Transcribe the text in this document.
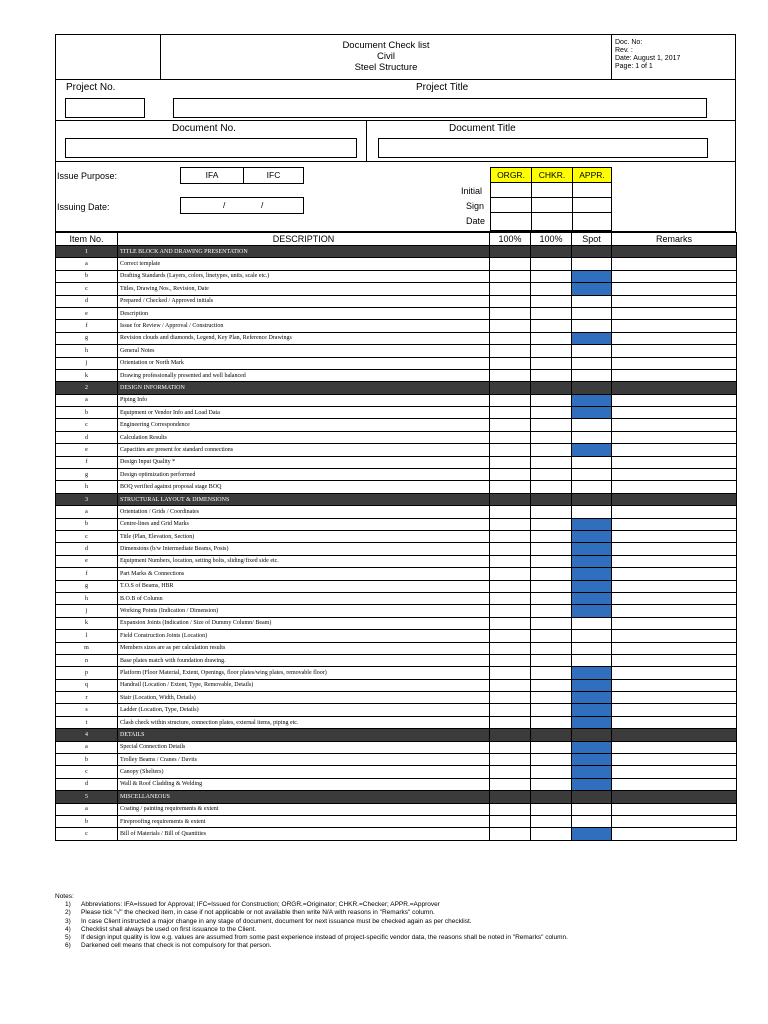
Document Check list
Civil
Steel Structure
Doc. No:
Rev. :
Date: August 1, 2017
Page: 1 of 1
Project No.	Project Title
Document No.	Document Title
Issue Purpose:	IFA	IFC
Issuing Date:	/	/
ORGR.	CHKR.	APPR.
Initial
Sign
Date
Item No.	DESCRIPTION	100%	100%	Spot	Remarks
1	TITLE BLOCK AND DRAWING PRESENTATION				
a	Correct template				
b	Drafting Standards (Layers, colors, linetypes, units, scale etc.)				
c	Titles, Drawing Nos., Revision, Date				
d	Prepared / Checked / Approved initials				
e	Description				
f	Issue for Review / Approval / Construction				
g	Revision clouds and diamonds, Legend, Key Plan, Reference Drawings				
h	General Notes				
j	Orientation or North Mark				
k	Drawing professionally presented and well balanced				
2	DESIGN INFORMATION				
a	Piping Info				
b	Equipment or Vendor Info and Load Data				
c	Engineering Correspondence				
d	Calculation Results				
e	Capacities are present for standard connections				
f	Design Input Quality *				
g	Design optimization performed				
h	BOQ verified against proposal stage BOQ				
3	STRUCTURAL LAYOUT & DIMENSIONS				
a	Orientation / Grids / Coordinates				
b	Centre-lines and Grid Marks				
c	Title (Plan, Elevation, Section)				
d	Dimensions (b/w Intermediate Beams, Posts)				
e	Equipment Numbers, location, setting bolts, sliding/fixed side etc.				
f	Part Marks & Connections				
g	T.O.S of Beams, HBR				
h	B.O.B of Column				
j	Working Points (Indication / Dimension)				
k	Expansion Joints (Indication / Size of Dummy Column/ Beam)				
l	Field Construction Joints (Location)				
m	Members sizes are as per calculation results				
n	Base plates match with foundation drawing.				
p	Platform (Floor Material, Extent, Openings, floor plates/wing plates, removable floor)				
q	Handrail (Location / Extent, Type, Removable, Details)				
r	Stair (Location, Width, Details)				
s	Ladder (Location, Type, Details)				
t	Clash check within structure, connection plates, external items, piping etc.				
4	DETAILS				
a	Special Connection Details				
b	Trolley Beams / Cranes / Davits				
c	Canopy (Shelters)				
d	Wall & Roof Cladding & Welding				
5	MISCELLANEOUS				
a	Coating / painting requirements & extent				
b	Fireproofing requirements & extent				
c	Bill of Materials / Bill of Quantities				
Notes:
1)	Abbreviations: IFA=Issued for Approval; IFC=Issued for Construction; ORGR.=Originator; CHKR.=Checker; APPR.=Approver
2)	Please tick "√" the checked item, in case if not applicable or not available then write N/A with reasons in "Remarks" column.
3)	In case Client instructed a major change in any stage of document, document for next issuance must be checked again as per checklist.
4)	Checklist shall always be used on first issuance to the Client.
5)	If design input quality is low e.g. values are assumed from some past experience instead of project-specific vendor data, the reasons shall be noted in "Remarks" column.
6)	Darkened cell means that check is not compulsory for that person.
